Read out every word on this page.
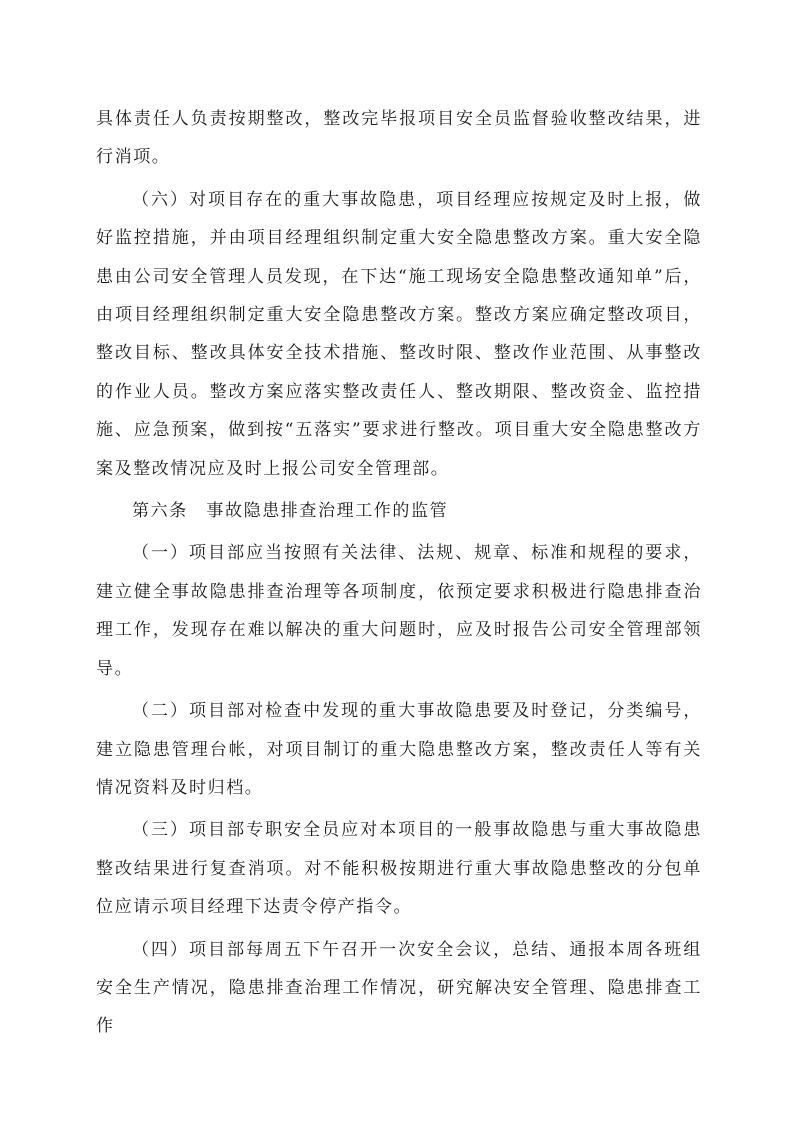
具体责任人负责按期整改，整改完毕报项目安全员监督验收整改结果，进行消项。

（六）对项目存在的重大事故隐患，项目经理应按规定及时上报，做好监控措施，并由项目经理组织制定重大安全隐患整改方案。重大安全隐患由公司安全管理人员发现，在下达“施工现场安全隐患整改通知单”后，由项目经理组织制定重大安全隐患整改方案。整改方案应确定整改项目，整改目标、整改具体安全技术措施、整改时限、整改作业范围、从事整改的作业人员。整改方案应落实整改责任人、整改期限、整改资金、监控措施、应急预案，做到按“五落实”要求进行整改。项目重大安全隐患整改方案及整改情况应及时上报公司安全管理部。

第六条　事故隐患排查治理工作的监管

（一）项目部应当按照有关法律、法规、规章、标准和规程的要求，建立健全事故隐患排查治理等各项制度，依预定要求积极进行隐患排查治理工作，发现存在难以解决的重大问题时，应及时报告公司安全管理部领导。

（二）项目部对检查中发现的重大事故隐患要及时登记，分类编号，建立隐患管理台帐，对项目制订的重大隐患整改方案，整改责任人等有关情况资料及时归档。

（三）项目部专职安全员应对本项目的一般事故隐患与重大事故隐患整改结果进行复查消项。对不能积极按期进行重大事故隐患整改的分包单位应请示项目经理下达责令停产指令。

（四）项目部每周五下午召开一次安全会议，总结、通报本周各班组安全生产情况，隐患排查治理工作情况，研究解决安全管理、隐患排查工作
